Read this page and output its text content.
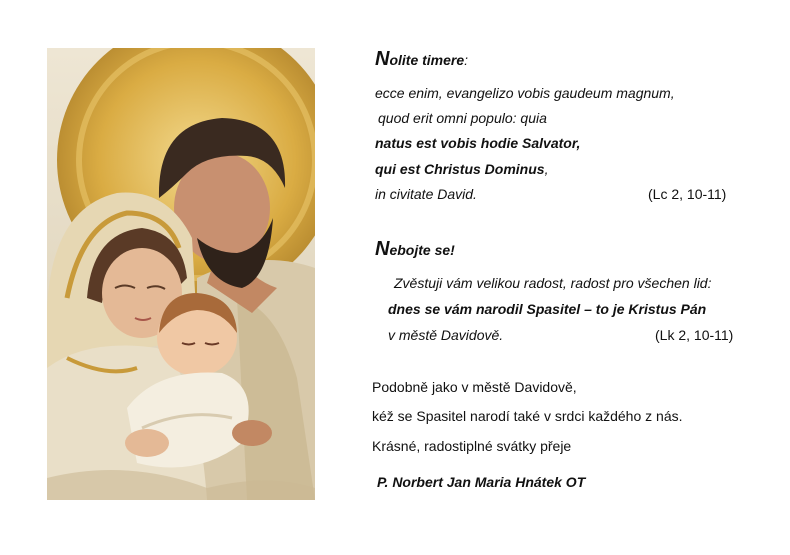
Nolite timere:
ecce enim, evangelizo vobis gaudeum magnum,
quod erit omni populo: quia
natus est vobis hodie Salvator,
qui est Christus Dominus,
in civitate David.	(Lc 2, 10-11)
Nebojte se!
Zvěstuji vám velikou radost, radost pro všechen lid:
dnes se vám narodil Spasitel – to je Kristus Pán
v městě Davidově.	(Lk 2, 10-11)
Podobně jako v městě Davidově,
kéž se Spasitel narodí také v srdci každého z nás.
Krásné, radostiplné svátky přeje
P. Norbert Jan Maria Hnátek OT
